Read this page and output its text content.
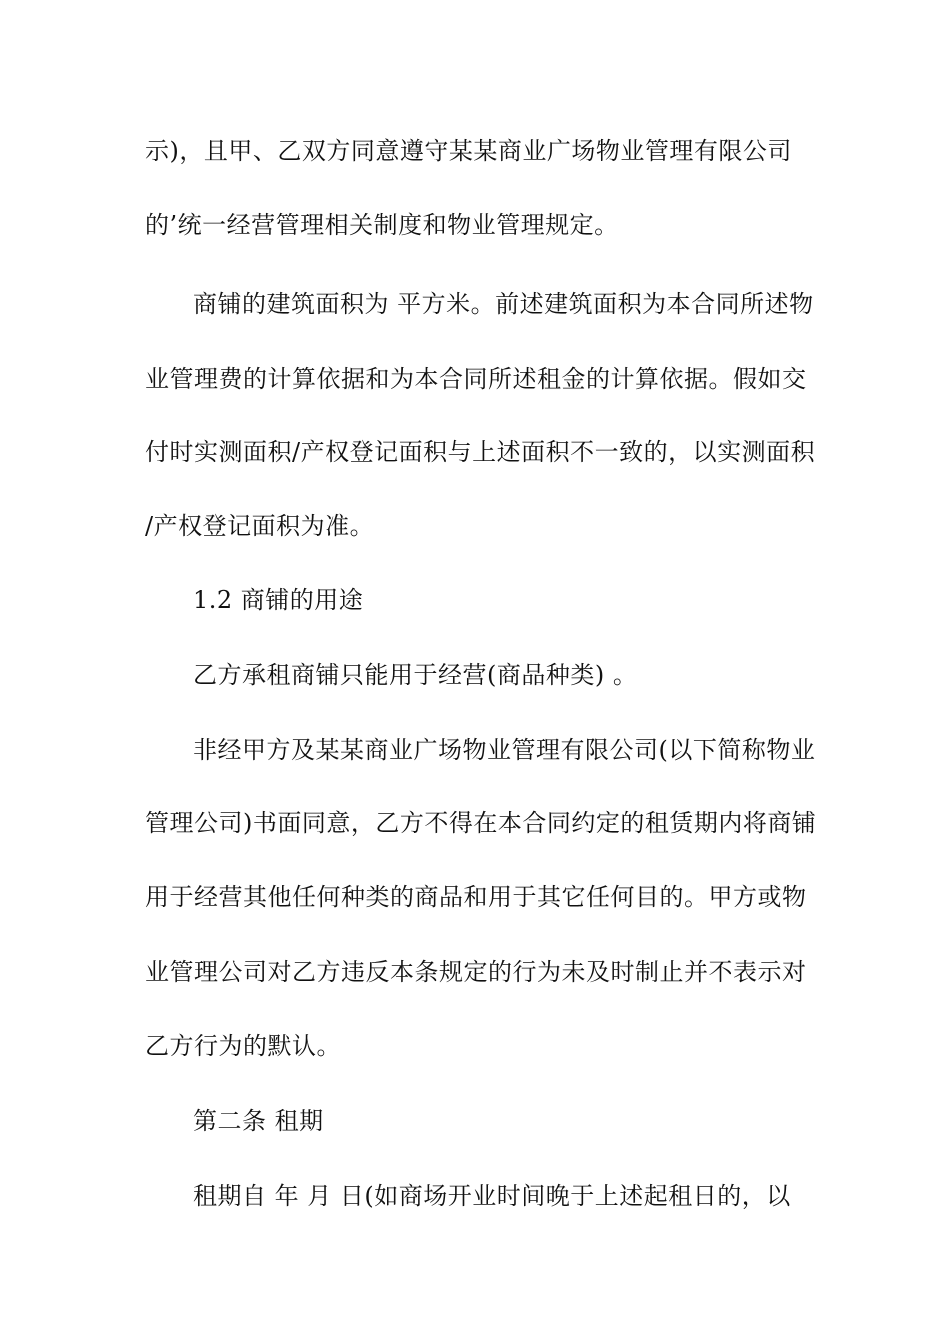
示)，且甲、乙双方同意遵守某某商业广场物业管理有限公司
的’统一经营管理相关制度和物业管理规定。
商铺的建筑面积为 平方米。前述建筑面积为本合同所述物
业管理费的计算依据和为本合同所述租金的计算依据。假如交
付时实测面积/产权登记面积与上述面积不一致的，以实测面积
/产权登记面积为准。
1.2 商铺的用途
乙方承租商铺只能用于经营(商品种类) 。
非经甲方及某某商业广场物业管理有限公司(以下简称物业
管理公司)书面同意，乙方不得在本合同约定的租赁期内将商铺
用于经营其他任何种类的商品和用于其它任何目的。甲方或物
业管理公司对乙方违反本条规定的行为未及时制止并不表示对
乙方行为的默认。
第二条 租期
租期自 年 月 日(如商场开业时间晚于上述起租日的，以
